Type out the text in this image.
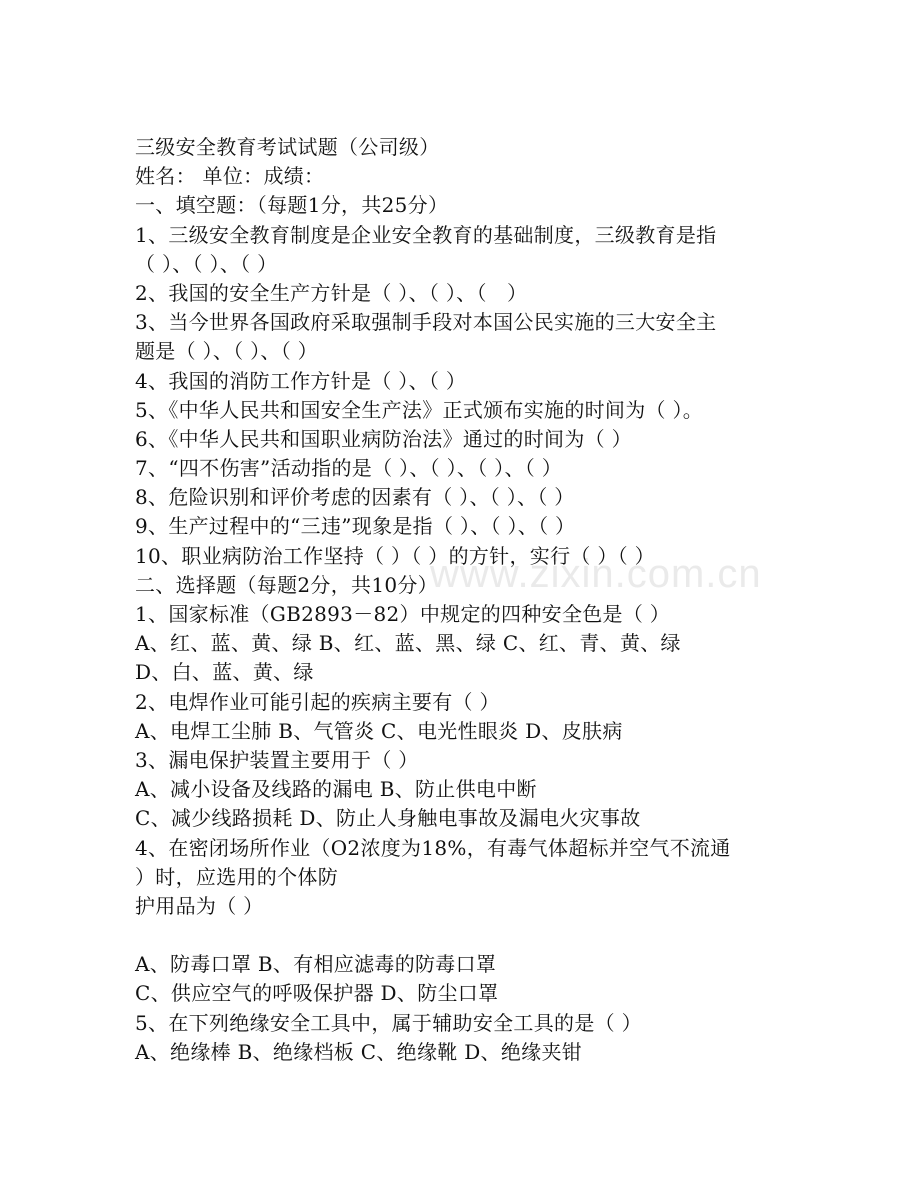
www.zixin.com.cn
三级安全教育考试试题（公司级）
姓名： 单位：成绩：
一、填空题：（每题1分，共25分）
1、三级安全教育制度是企业安全教育的基础制度，三级教育是指
（ ）、（ ）、（ ）
2、我国的安全生产方针是（ ）、（ ）、（　）
3、当今世界各国政府采取强制手段对本国公民实施的三大安全主
题是（ ）、（ ）、（ ）
4、我国的消防工作方针是（ ）、（ ）
5、《中华人民共和国安全生产法》正式颁布实施的时间为（ ）。
6、《中华人民共和国职业病防治法》通过的时间为（ ）
7、“四不伤害”活动指的是（ ）、（ ）、（ ）、（ ）
8、危险识别和评价考虑的因素有（ ）、（ ）、（ ）
9、生产过程中的“三违”现象是指（ ）、（ ）、（ ）
10、职业病防治工作坚持（ ）（ ）的方针，实行（ ）（ ）
二、选择题（每题2分，共10分）
1、国家标准（GB2893－82）中规定的四种安全色是（ ）
A、红、蓝、黄、绿 B、红、蓝、黑、绿 C、红、青、黄、绿
D、白、蓝、黄、绿
2、电焊作业可能引起的疾病主要有（ ）
A、电焊工尘肺 B、气管炎 C、电光性眼炎 D、皮肤病
3、漏电保护装置主要用于（ ）
A、减小设备及线路的漏电 B、防止供电中断
C、减少线路损耗 D、防止人身触电事故及漏电火灾事故
4、在密闭场所作业（O2浓度为18%，有毒气体超标并空气不流通
）时，应选用的个体防
护用品为（ ）
A、防毒口罩 B、有相应滤毒的防毒口罩
C、供应空气的呼吸保护器 D、防尘口罩
5、在下列绝缘安全工具中，属于辅助安全工具的是（ ）
A、绝缘棒 B、绝缘档板 C、绝缘靴 D、绝缘夹钳
